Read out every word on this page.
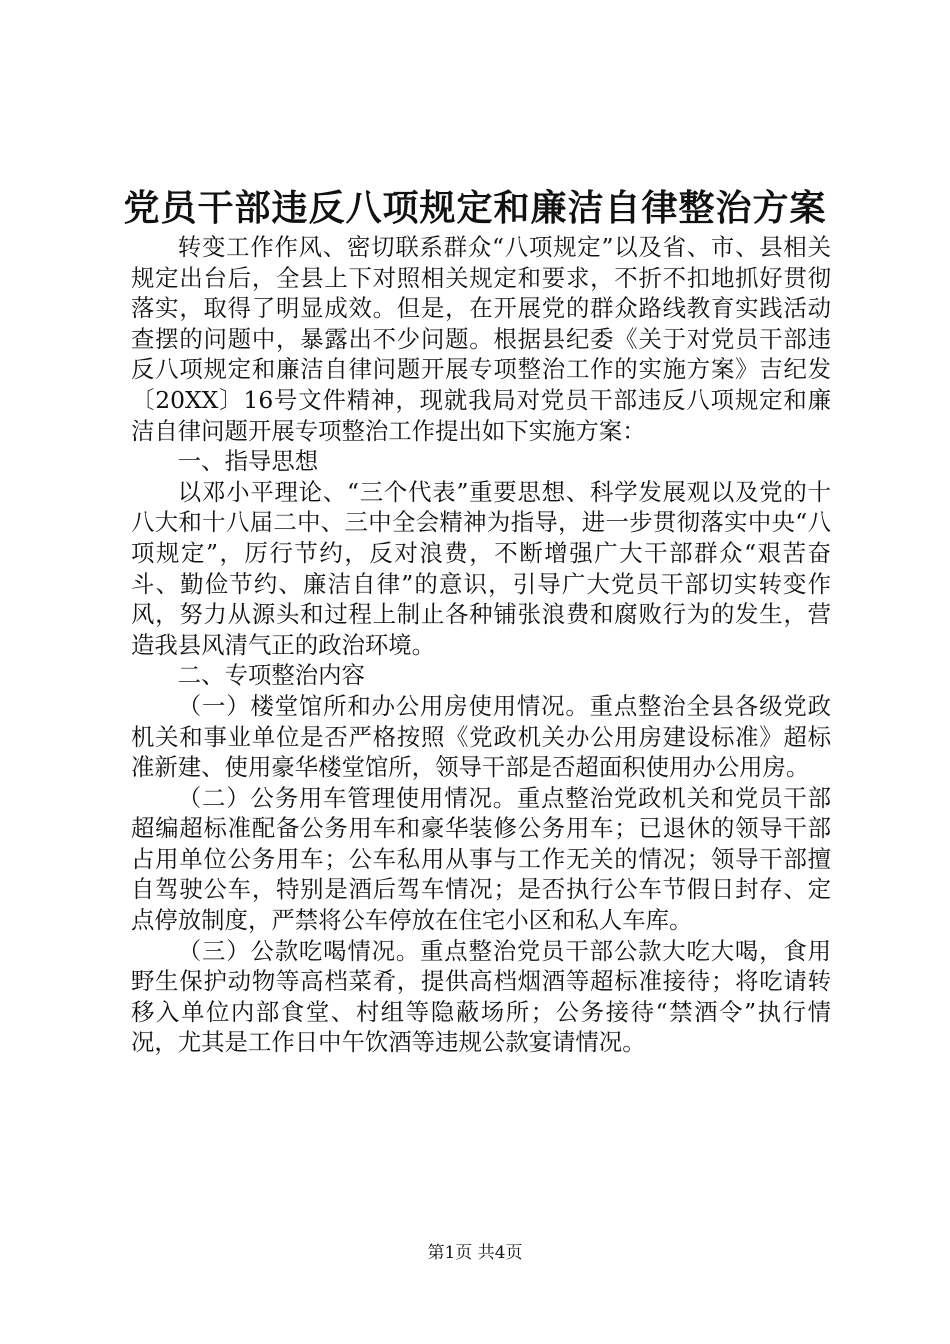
党员干部违反八项规定和廉洁自律整治方案

转变工作作风、密切联系群众“八项规定”以及省、市、县相关规定出台后，全县上下对照相关规定和要求，不折不扣地抓好贯彻落实，取得了明显成效。但是，在开展党的群众路线教育实践活动查摆的问题中，暴露出不少问题。根据县纪委《关于对党员干部违反八项规定和廉洁自律问题开展专项整治工作的实施方案》吉纪发〔20XX〕16号文件精神，现就我局对党员干部违反八项规定和廉洁自律问题开展专项整治工作提出如下实施方案：

一、指导思想

以邓小平理论、“三个代表”重要思想、科学发展观以及党的十八大和十八届二中、三中全会精神为指导，进一步贯彻落实中央“八项规定”，厉行节约，反对浪费，不断增强广大干部群众“艰苦奋斗、勤俭节约、廉洁自律”的意识，引导广大党员干部切实转变作风，努力从源头和过程上制止各种铺张浪费和腐败行为的发生，营造我县风清气正的政治环境。

二、专项整治内容

（一）楼堂馆所和办公用房使用情况。重点整治全县各级党政机关和事业单位是否严格按照《党政机关办公用房建设标准》超标准新建、使用豪华楼堂馆所，领导干部是否超面积使用办公用房。

（二）公务用车管理使用情况。重点整治党政机关和党员干部超编超标准配备公务用车和豪华装修公务用车；已退休的领导干部占用单位公务用车；公车私用从事与工作无关的情况；领导干部擅自驾驶公车，特别是酒后驾车情况；是否执行公车节假日封存、定点停放制度，严禁将公车停放在住宅小区和私人车库。

（三）公款吃喝情况。重点整治党员干部公款大吃大喝，食用野生保护动物等高档菜肴，提供高档烟酒等超标准接待；将吃请转移入单位内部食堂、村组等隐蔽场所；公务接待“禁酒令”执行情况，尤其是工作日中午饮酒等违规公款宴请情况。

第1页 共4页
